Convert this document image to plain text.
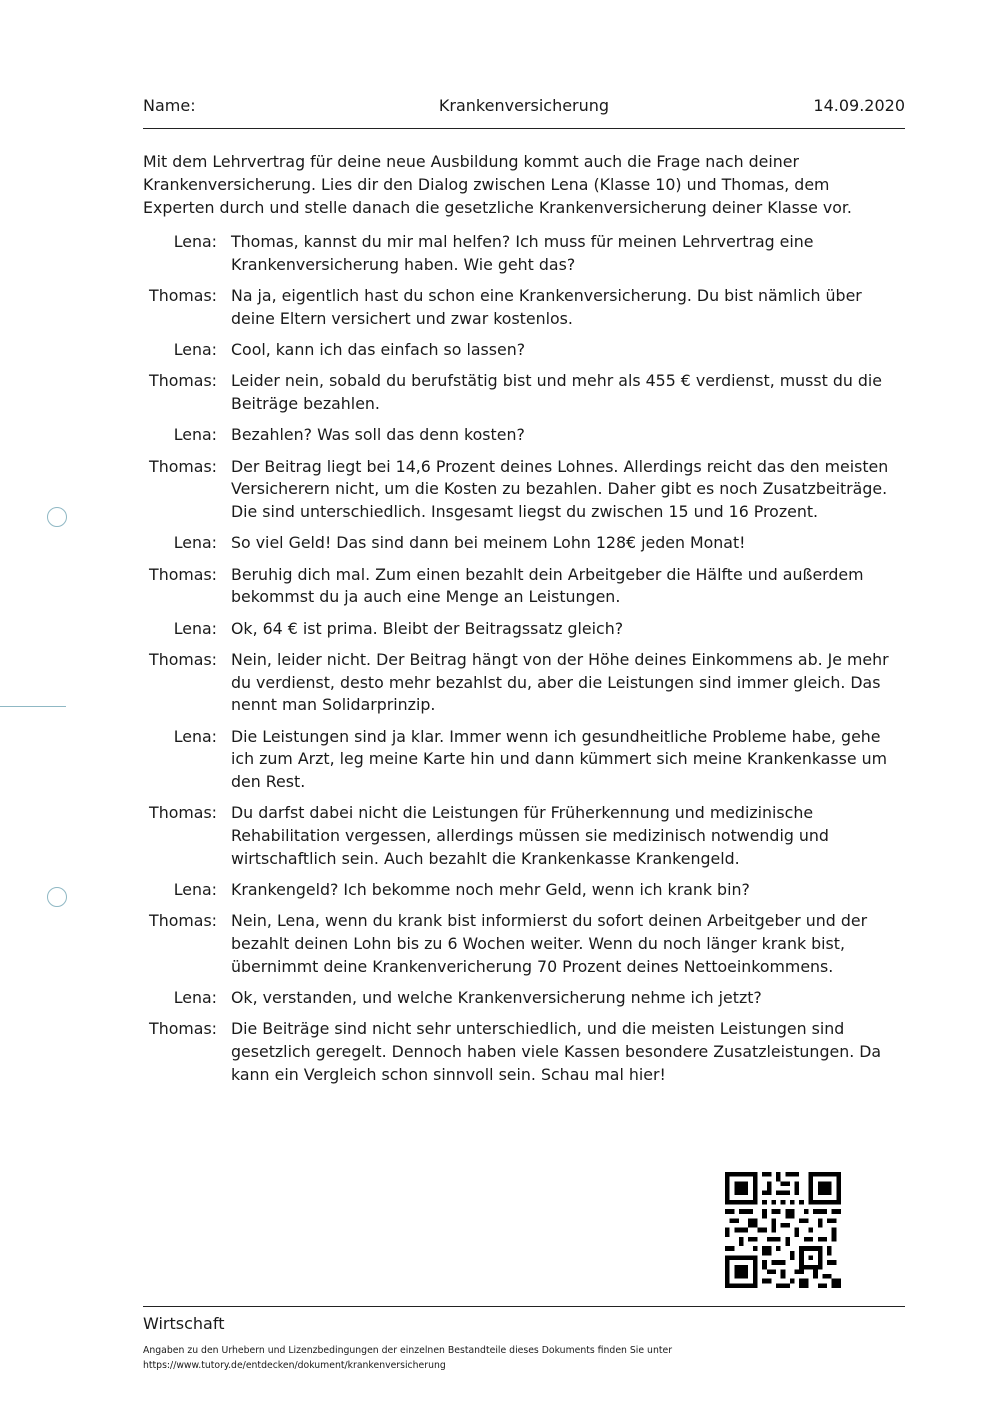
Name:	Krankenversicherung	14.09.2020
Mit dem Lehrvertrag für deine neue Ausbildung kommt auch die Frage nach deiner Krankenversicherung. Lies dir den Dialog zwischen Lena (Klasse 10) und Thomas, dem Experten durch und stelle danach die gesetzliche Krankenversicherung deiner Klasse vor.
Lena: Thomas, kannst du mir mal helfen? Ich muss für meinen Lehrvertrag eine Krankenversicherung haben. Wie geht das?
Thomas: Na ja, eigentlich hast du schon eine Krankenversicherung. Du bist nämlich über deine Eltern versichert und zwar kostenlos.
Lena: Cool, kann ich das einfach so lassen?
Thomas: Leider nein, sobald du berufstätig bist und mehr als 455 € verdienst, musst du die Beiträge bezahlen.
Lena: Bezahlen? Was soll das denn kosten?
Thomas: Der Beitrag liegt bei 14,6 Prozent deines Lohnes. Allerdings reicht das den meisten Versicherern nicht, um die Kosten zu bezahlen. Daher gibt es noch Zusatzbeiträge. Die sind unterschiedlich. Insgesamt liegst du zwischen 15 und 16 Prozent.
Lena: So viel Geld! Das sind dann bei meinem Lohn 128€ jeden Monat!
Thomas: Beruhig dich mal. Zum einen bezahlt dein Arbeitgeber die Hälfte und außerdem bekommst du ja auch eine Menge an Leistungen.
Lena: Ok, 64 € ist prima. Bleibt der Beitragssatz gleich?
Thomas: Nein, leider nicht. Der Beitrag hängt von der Höhe deines Einkommens ab. Je mehr du verdienst, desto mehr bezahlst du, aber die Leistungen sind immer gleich. Das nennt man Solidarprinzip.
Lena: Die Leistungen sind ja klar. Immer wenn ich gesundheitliche Probleme habe, gehe ich zum Arzt, leg meine Karte hin und dann kümmert sich meine Krankenkasse um den Rest.
Thomas: Du darfst dabei nicht die Leistungen für Früherkennung und medizinische Rehabilitation vergessen, allerdings müssen sie medizinisch notwendig und wirtschaftlich sein. Auch bezahlt die Krankenkasse Krankengeld.
Lena: Krankengeld? Ich bekomme noch mehr Geld, wenn ich krank bin?
Thomas: Nein, Lena, wenn du krank bist informierst du sofort deinen Arbeitgeber und der bezahlt deinen Lohn bis zu 6 Wochen weiter. Wenn du noch länger krank bist, übernimmt deine Krankenvericherung 70 Prozent deines Nettoeinkommens.
Lena: Ok, verstanden, und welche Krankenversicherung nehme ich jetzt?
Thomas: Die Beiträge sind nicht sehr unterschiedlich, und die meisten Leistungen sind gesetzlich geregelt. Dennoch haben viele Kassen besondere Zusatzleistungen. Da kann ein Vergleich schon sinnvoll sein. Schau mal hier!
Wirtschaft
Angaben zu den Urhebern und Lizenzbedingungen der einzelnen Bestandteile dieses Dokuments finden Sie unter
https://www.tutory.de/entdecken/dokument/krankenversicherung
